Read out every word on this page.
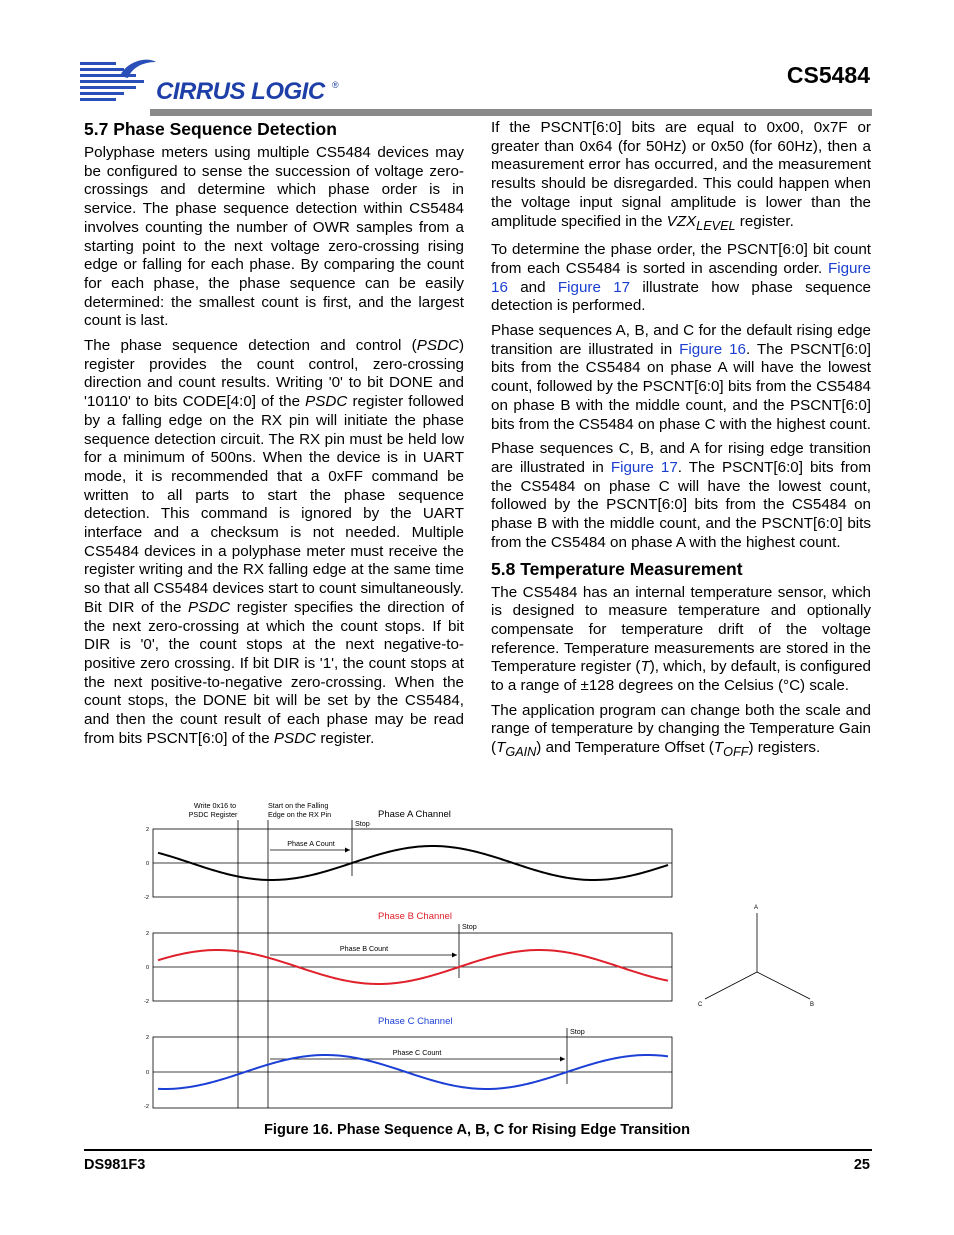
CIRRUS LOGIC ®	CS5484

5.7 Phase Sequence Detection

Polyphase meters using multiple CS5484 devices may be configured to sense the succession of voltage zero-crossings and determine which phase order is in service. The phase sequence detection within CS5484 involves counting the number of OWR samples from a starting point to the next voltage zero-crossing rising edge or falling for each phase. By comparing the count for each phase, the phase sequence can be easily determined: the smallest count is first, and the largest count is last.

The phase sequence detection and control (PSDC) register provides the count control, zero-crossing direction and count results. Writing '0' to bit DONE and '10110' to bits CODE[4:0] of the PSDC register followed by a falling edge on the RX pin will initiate the phase sequence detection circuit. The RX pin must be held low for a minimum of 500ns. When the device is in UART mode, it is recommended that a 0xFF command be written to all parts to start the phase sequence detection. This command is ignored by the UART interface and a checksum is not needed. Multiple CS5484 devices in a polyphase meter must receive the register writing and the RX falling edge at the same time so that all CS5484 devices start to count simultaneously. Bit DIR of the PSDC register specifies the direction of the next zero-crossing at which the count stops. If bit DIR is '0', the count stops at the next negative-to-positive zero crossing. If bit DIR is '1', the count stops at the next positive-to-negative zero-crossing. When the count stops, the DONE bit will be set by the CS5484, and then the count result of each phase may be read from bits PSCNT[6:0] of the PSDC register.

If the PSCNT[6:0] bits are equal to 0x00, 0x7F or greater than 0x64 (for 50Hz) or 0x50 (for 60Hz), then a measurement error has occurred, and the measurement results should be disregarded. This could happen when the voltage input signal amplitude is lower than the amplitude specified in the $VZX_{LEVEL}$ register.

To determine the phase order, the PSCNT[6:0] bit count from each CS5484 is sorted in ascending order. Figure 16 and Figure 17 illustrate how phase sequence detection is performed.

Phase sequences A, B, and C for the default rising edge transition are illustrated in Figure 16. The PSCNT[6:0] bits from the CS5484 on phase A will have the lowest count, followed by the PSCNT[6:0] bits from the CS5484 on phase B with the middle count, and the PSCNT[6:0] bits from the CS5484 on phase C with the highest count.

Phase sequences C, B, and A for rising edge transition are illustrated in Figure 17. The PSCNT[6:0] bits from the CS5484 on phase C will have the lowest count, followed by the PSCNT[6:0] bits from the CS5484 on phase B with the middle count, and the PSCNT[6:0] bits from the CS5484 on phase A with the highest count.

5.8 Temperature Measurement

The CS5484 has an internal temperature sensor, which is designed to measure temperature and optionally compensate for temperature drift of the voltage reference. Temperature measurements are stored in the Temperature register (T), which, by default, is configured to a range of ±128 degrees on the Celsius (°C) scale.

The application program can change both the scale and range of temperature by changing the Temperature Gain $(T_{GAIN})$ and Temperature Offset $(T_{OFF})$ registers.

Write 0x16 to
PSDC Register
Start on the Falling
Edge on the RX Pin	Phase A Channel
Phase B Channel
Phase C Channel
Stop
Stop
Stop
Phase A Count
Phase B Count
Phase C Count
2
0
-2
2
0
-2
2
0
-2
A
B
C
Figure 16. Phase Sequence A, B, C for Rising Edge Transition
DS981F3	25
